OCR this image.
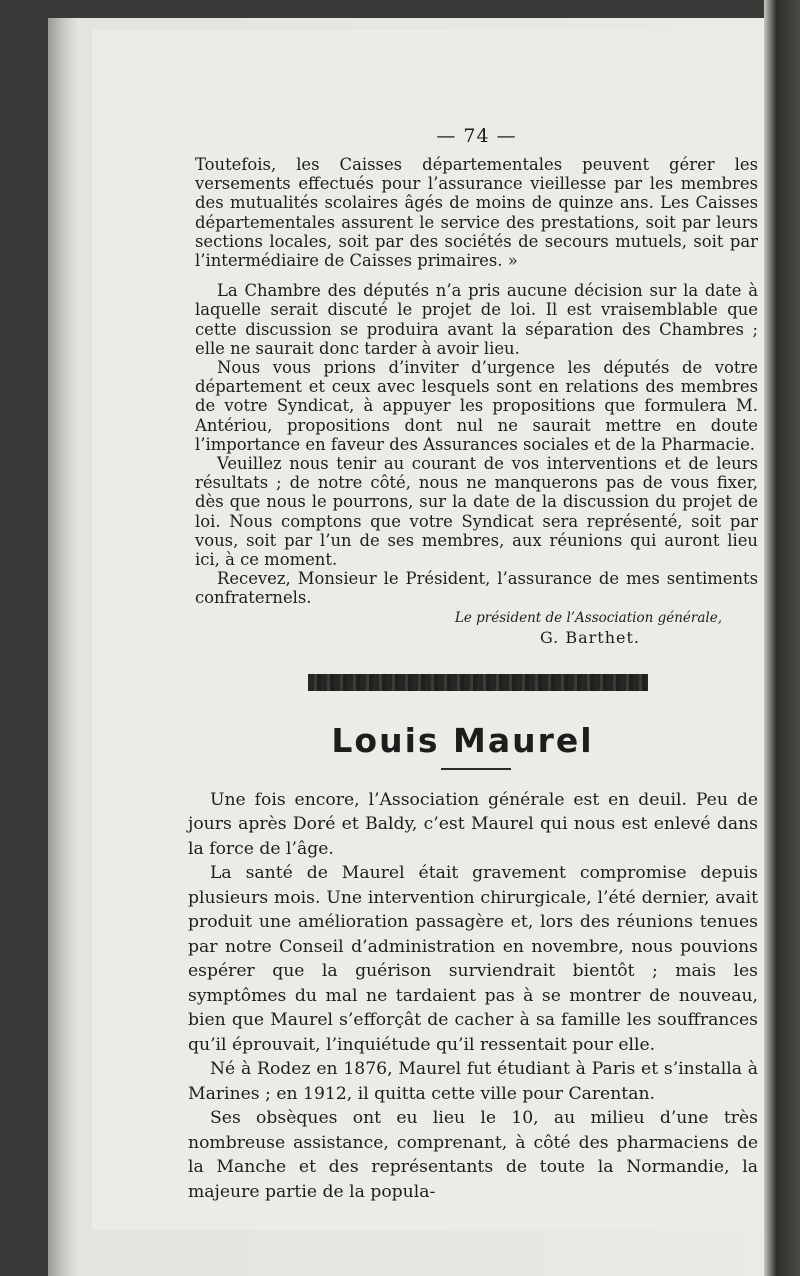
— 74 —

Toutefois, les Caisses départementales peuvent gérer les versements effectués pour l’assurance vieillesse par les membres des mutualités scolaires âgés de moins de quinze ans. Les Caisses départementales assurent le service des prestations, soit par leurs sections locales, soit par des sociétés de secours mutuels, soit par l’intermédiaire de Caisses primaires. »

La Chambre des députés n’a pris aucune décision sur la date à laquelle serait discuté le projet de loi. Il est vraisemblable que cette discussion se produira avant la séparation des Chambres ; elle ne saurait donc tarder à avoir lieu.

Nous vous prions d’inviter d’urgence les députés de votre département et ceux avec lesquels sont en relations des membres de votre Syndicat, à appuyer les propositions que formulera M. Antériou, propositions dont nul ne saurait mettre en doute l’importance en faveur des Assurances sociales et de la Pharmacie.

Veuillez nous tenir au courant de vos interventions et de leurs résultats ; de notre côté, nous ne manquerons pas de vous fixer, dès que nous le pourrons, sur la date de la discussion du projet de loi. Nous comptons que votre Syndicat sera représenté, soit par vous, soit par l’un de ses membres, aux réunions qui auront lieu ici, à ce moment.

Recevez, Monsieur le Président, l’assurance de mes sentiments confraternels.

Le président de l’Association générale,
G. Barthet.
Louis Maurel

Une fois encore, l’Association générale est en deuil. Peu de jours après Doré et Baldy, c’est Maurel qui nous est enlevé dans la force de l’âge.

La santé de Maurel était gravement compromise depuis plusieurs mois. Une intervention chirurgicale, l’été dernier, avait produit une amélioration passagère et, lors des réunions tenues par notre Conseil d’administration en novembre, nous pouvions espérer que la guérison surviendrait bientôt ; mais les symptômes du mal ne tardaient pas à se montrer de nouveau, bien que Maurel s’efforçât de cacher à sa famille les souffrances qu’il éprouvait, l’inquiétude qu’il ressentait pour elle.

Né à Rodez en 1876, Maurel fut étudiant à Paris et s’installa à Marines ; en 1912, il quitta cette ville pour Carentan.

Ses obsèques ont eu lieu le 10, au milieu d’une très nombreuse assistance, comprenant, à côté des pharmaciens de la Manche et des représentants de toute la Normandie, la majeure partie de la popula-
